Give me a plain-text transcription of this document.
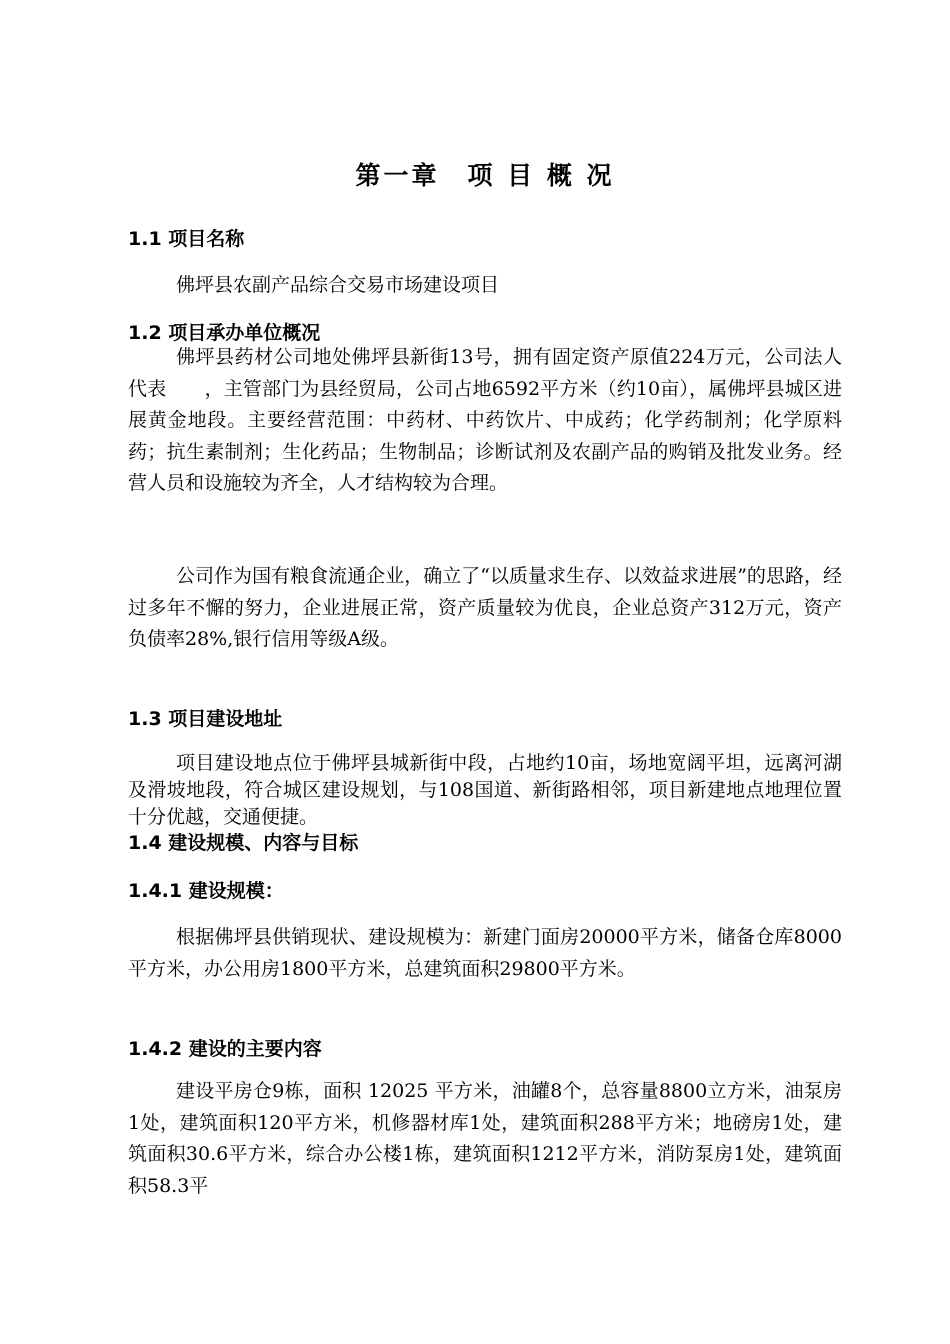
第一章　项 目 概 况
1.1 项目名称
佛坪县农副产品综合交易市场建设项目
1.2 项目承办单位概况

佛坪县药材公司地处佛坪县新街13号，拥有固定资产原值224万元，公司法人代表　　，主管部门为县经贸局，公司占地6592平方米（约10亩），属佛坪县城区进展黄金地段。主要经营范围：中药材、中药饮片、中成药；化学药制剂；化学原料药；抗生素制剂；生化药品；生物制品；诊断试剂及农副产品的购销及批发业务。经营人员和设施较为齐全，人才结构较为合理。

公司作为国有粮食流通企业，确立了“以质量求生存、以效益求进展”的思路，经过多年不懈的努力，企业进展正常，资产质量较为优良，企业总资产312万元，资产负债率28%,银行信用等级A级。

1.3 项目建设地址

项目建设地点位于佛坪县城新街中段，占地约10亩，场地宽阔平坦，远离河湖及滑坡地段，符合城区建设规划，与108国道、新街路相邻，项目新建地点地理位置十分优越，交通便捷。

1.4 建设规模、内容与目标
1.4.1 建设规模：

根据佛坪县供销现状、建设规模为：新建门面房20000平方米，储备仓库8000平方米，办公用房1800平方米，总建筑面积29800平方米。

1.4.2 建设的主要内容

建设平房仓9栋，面积 12025 平方米，油罐8个，总容量8800立方米，油泵房1处，建筑面积120平方米，机修器材库1处，建筑面积288平方米；地磅房1处，建筑面积30.6平方米，综合办公楼1栋，建筑面积1212平方米，消防泵房1处，建筑面积58.3平
